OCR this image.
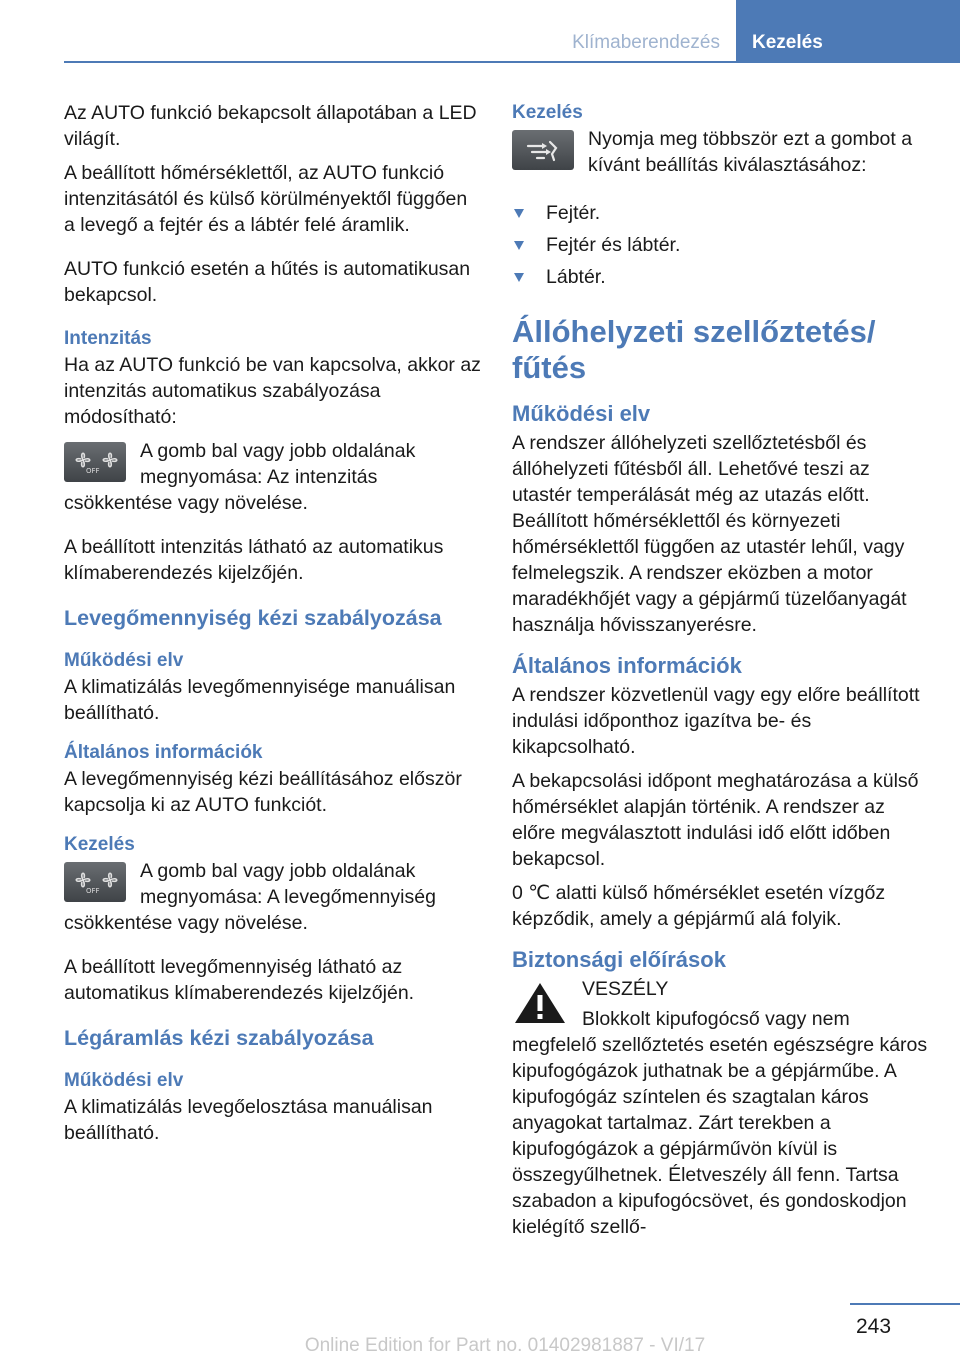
Klímaberendezés	Kezelés

Az AUTO funkció bekapcsolt állapotában a LED világít.

A beállított hőmérséklettől, az AUTO funkció intenzitásától és külső körülményektől függően a levegő a fejtér és a lábtér felé áramlik.

AUTO funkció esetén a hűtés is automatikusan bekapcsol.

Intenzitás

Ha az AUTO funkció be van kapcsolva, akkor az intenzitás automatikus szabályozása módosítható:

OFF

A gomb bal vagy jobb oldalának megnyomása: Az intenzitás csökkentése vagy növelése.

A beállított intenzitás látható az automatikus klímaberendezés kijelzőjén.

Levegőmennyiség kézi szabályozása
Működési elv

A klimatizálás levegőmennyisége manuálisan beállítható.

Általános információk

A levegőmennyiség kézi beállításához először kapcsolja ki az AUTO funkciót.

Kezelés
OFF

A gomb bal vagy jobb oldalának megnyomása: A levegőmennyiség csökkentése vagy növelése.

A beállított levegőmennyiség látható az automatikus klímaberendezés kijelzőjén.

Légáramlás kézi szabályozása
Működési elv

A klimatizálás levegőelosztása manuálisan beállítható.

Kezelés

Nyomja meg többször ezt a gombot a kívánt beállítás kiválasztásához:

Fejtér.
Fejtér és lábtér.
Lábtér.
Állóhelyzeti szellőztetés/ fűtés
Működési elv

A rendszer állóhelyzeti szellőztetésből és állóhelyzeti fűtésből áll. Lehetővé teszi az utastér temperálását még az utazás előtt. Beállított hőmérséklettől és környezeti hőmérséklettől függően az utastér lehűl, vagy felmelegszik. A rendszer eközben a motor maradékhőjét vagy a gépjármű tüzelőanyagát használja hővisszanyerésre.

Általános információk

A rendszer közvetlenül vagy egy előre beállított indulási időponthoz igazítva be- és kikapcsolható.

A bekapcsolási időpont meghatározása a külső hőmérséklet alapján történik. A rendszer az előre megválasztott indulási idő előtt időben bekapcsol.

0 ℃ alatti külső hőmérséklet esetén vízgőz képződik, amely a gépjármű alá folyik.

Biztonsági előírások

VESZÉLY

Blokkolt kipufogócső vagy nem megfelelő szellőztetés esetén egészségre káros kipufogógázok juthatnak be a gépjárműbe. A kipufogógáz színtelen és szagtalan káros anyagokat tartalmaz. Zárt terekben a kipufogógázok a gépjárművön kívül is összegyűlhetnek. Életveszély áll fenn. Tartsa szabadon a kipufogócsövet, és gondoskodjon kielégítő szellő-

243
Online Edition for Part no. 01402981887 - VI/17
